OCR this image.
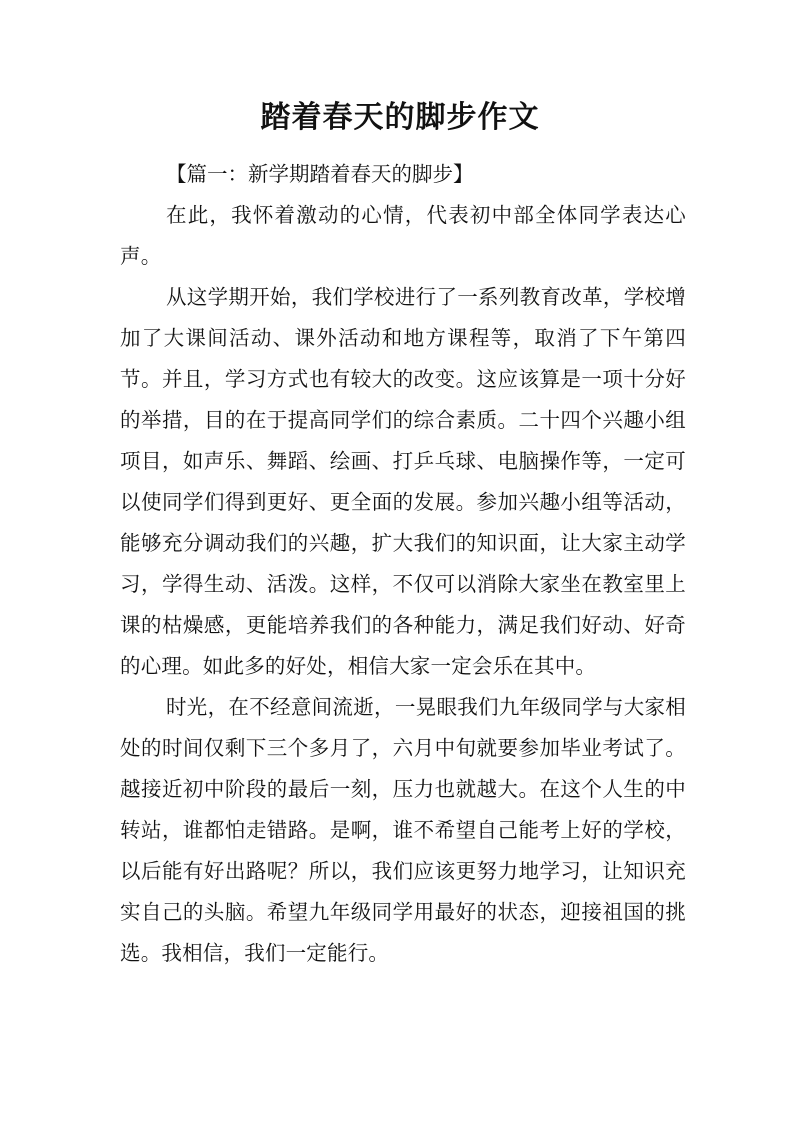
踏着春天的脚步作文

【篇一：新学期踏着春天的脚步】

在此，我怀着激动的心情，代表初中部全体同学表达心声。

从这学期开始，我们学校进行了一系列教育改革，学校增加了大课间活动、课外活动和地方课程等，取消了下午第四节。并且，学习方式也有较大的改变。这应该算是一项十分好的举措，目的在于提高同学们的综合素质。二十四个兴趣小组项目，如声乐、舞蹈、绘画、打乒乓球、电脑操作等，一定可以使同学们得到更好、更全面的发展。参加兴趣小组等活动，能够充分调动我们的兴趣，扩大我们的知识面，让大家主动学习，学得生动、活泼。这样，不仅可以消除大家坐在教室里上课的枯燥感，更能培养我们的各种能力，满足我们好动、好奇的心理。如此多的好处，相信大家一定会乐在其中。

时光，在不经意间流逝，一晃眼我们九年级同学与大家相处的时间仅剩下三个多月了，六月中旬就要参加毕业考试了。越接近初中阶段的最后一刻，压力也就越大。在这个人生的中转站，谁都怕走错路。是啊，谁不希望自己能考上好的学校，以后能有好出路呢？所以，我们应该更努力地学习，让知识充实自己的头脑。希望九年级同学用最好的状态，迎接祖国的挑选。我相信，我们一定能行。
